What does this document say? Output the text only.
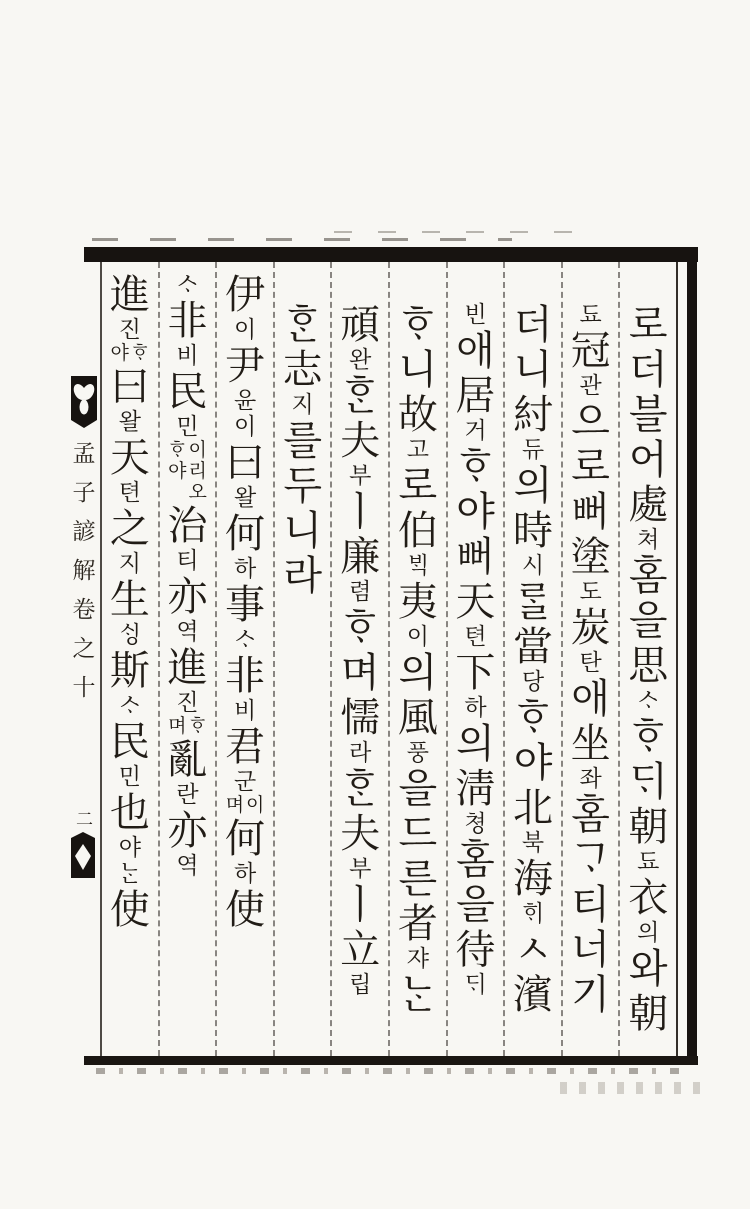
孟子諺解卷之十
二
로
더
블
어
處
쳐
홈
을
思
ᄉᆞ
ᄒᆞ
ᄃᆡ
朝
됴
衣
의
와
朝
됴
冠
관
으
로
뻐
塗
도
炭
탄
애
坐
좌
홈
ᄀᆞ
티
너
기
더
니
紂
듀
의
時
시
ᄅᆞᆯ
當
당
ᄒᆞ
야
北
북
海
ᄒᆡ
ㅅ
濱
빈
애
居
거
ᄒᆞ
야
뻐
天
텬
下
하
의
淸
쳥
홈
을
待
ᄃᆡ
ᄒᆞ
니
故
고
로
伯
ᄇᆡᆨ
夷
이
의
風
풍
을
드
른
者
쟈
ᄂᆞᆫ
頑
완
ᄒᆞᆫ
夫
부
ㅣ
廉
렴
ᄒᆞ
며
懦
라
ᄒᆞᆫ
夫
부
ㅣ
立
립
ᄒᆞᆫ
志
지
를
두
니
라
伊
이
尹
윤
이
曰
왈
何
하
事
ᄉᆞ
非
비
君
군
이
며
何
하
使
ᄉᆞ
非
비
民
민
이
리
오
ᄒᆞ
야
治
티
亦
역
進
진
ᄒᆞ
며
亂
란
亦
역
進
진
ᄒᆞ
야
曰
왈
天
텬
之
지
生
ᄉᆡᆼ
斯
ᄉᆞ
民
민
也
야
ᄂᆞᆫ
使
